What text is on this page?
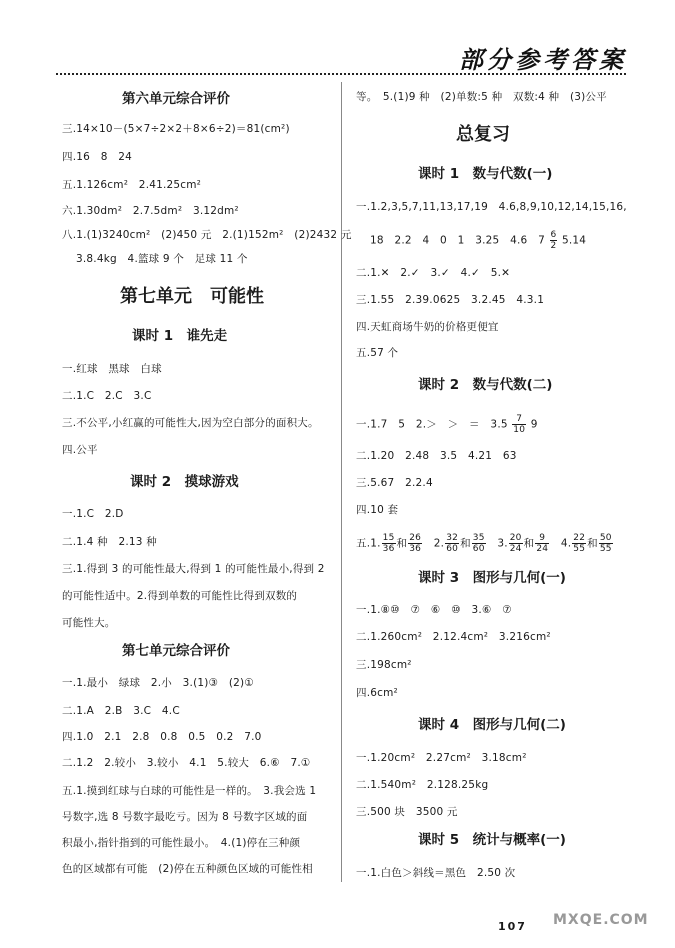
部分参考答案
第六单元综合评价
三.14×10－(5×7÷2×2＋8×6÷2)＝81(cm²)
四.16　8　24
五.1.126cm²　2.41.25cm²
六.1.30dm²　2.7.5dm²　3.12dm²
八.1.(1)3240cm²　(2)450 元　2.(1)152m²　(2)2432 元
3.8.4kg　4.篮球 9 个　足球 11 个
第七单元　可能性
课时 1　谁先走
一.红球　黑球　白球
二.1.C　2.C　3.C
三.不公平,小红赢的可能性大,因为空白部分的面积大。
四.公平
课时 2　摸球游戏
一.1.C　2.D
二.1.4 种　2.13 种
三.1.得到 3 的可能性最大,得到 1 的可能性最小,得到 2
的可能性适中。2.得到单数的可能性比得到双数的
可能性大。
第七单元综合评价
一.1.最小　绿球　2.小　3.(1)③　(2)①
二.1.A　2.B　3.C　4.C
四.1.0　2.1　2.8　0.8　0.5　0.2　7.0
二.1.2　2.较小　3.较小　4.1　5.较大　6.⑥　7.①
五.1.摸到红球与白球的可能性是一样的。　3.我会选 1
号数字,选 8 号数字最吃亏。因为 8 号数字区域的面
积最小,指针指到的可能性最小。　4.(1)停在三种颜
色的区域都有可能　(2)停在五种颜色区域的可能性相
等。　5.(1)9 种　(2)单数:5 种　双数:4 种　(3)公平
总复习
课时 1　数与代数(一)
一.1.2,3,5,7,11,13,17,19　4.6,8,9,10,12,14,15,16,
18　2.2　4　0　1　3.25　4.6　$7 \frac{6}{2} 5.14$
二.1.✕　2.✓　3.✓　4.✓　5.✕
三.1.55　2.39.0625　3.2.45　4.3.1
四.天虹商场牛奶的价格更便宜
五.57 个
课时 2　数与代数(二)
一.1.7　5　2.＞　＞　＝　$3.5 \frac{7}{10} 9$
二.1.20　2.48　3.5　4.21　63
三.5.67　2.2.4
四.10 套
五.1. $\frac{15}{36}$ 和 $\frac{26}{36}$ 　2. $\frac{32}{60}$ 和 $\frac{35}{60}$ 　3. $\frac{20}{24}$ 和 $\frac{9}{24}$ 　4. $\frac{22}{55}$ 和 $\frac{50}{55}$
课时 3　图形与几何(一)
一.1.⑧⑩　⑦　⑥　⑩　3.⑥　⑦
二.1.260cm²　2.12.4cm²　3.216cm²
三.198cm²
四.6cm²
课时 4　图形与几何(二)
一.1.20cm²　2.27cm²　3.18cm²
二.1.540m²　2.128.25kg
三.500 块　3500 元
课时 5　统计与概率(一)
一.1.白色＞斜线＝黑色　2.50 次
107 MXQE.COM
